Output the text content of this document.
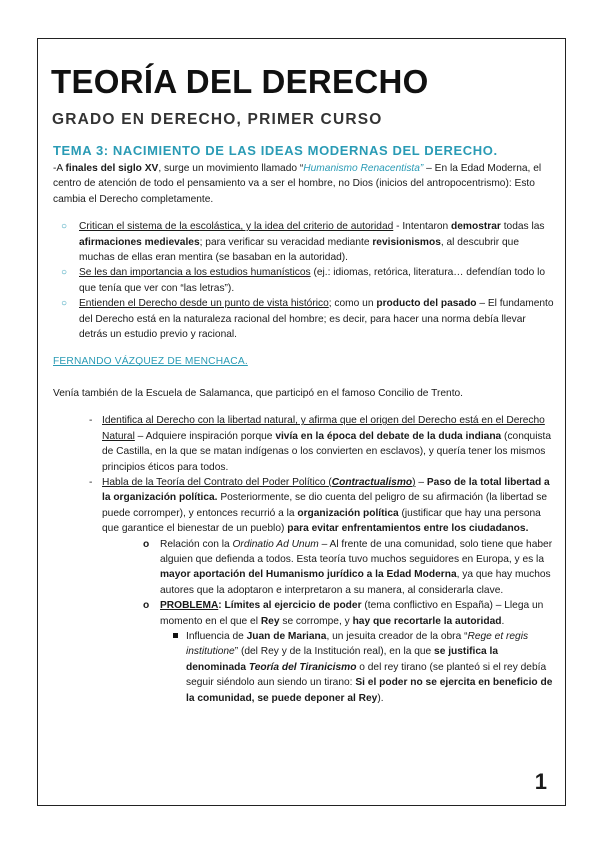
TEORÍA DEL DERECHO
GRADO EN DERECHO, PRIMER CURSO
TEMA 3: NACIMIENTO DE LAS IDEAS MODERNAS DEL DERECHO.
-A finales del siglo XV, surge un movimiento llamado “Humanismo Renacentista” – En la Edad Moderna, el centro de atención de todo el pensamiento va a ser el hombre, no Dios (inicios del antropocentrismo): Esto cambia el Derecho completamente.
○ Critican el sistema de la escolástica, y la idea del criterio de autoridad - Intentaron demostrar todas las afirmaciones medievales; para verificar su veracidad mediante revisionismos, al descubrir que muchas de ellas eran mentira (se basaban en la autoridad).
○ Se les dan importancia a los estudios humanísticos (ej.: idiomas, retórica, literatura… defendían todo lo que tenía que ver con “las letras”).
○ Entienden el Derecho desde un punto de vista histórico; como un producto del pasado – El fundamento del Derecho está en la naturaleza racional del hombre; es decir, para hacer una norma debía llevar detrás un estudio previo y racional.
FERNANDO VÁZQUEZ DE MENCHACA.
Venía también de la Escuela de Salamanca, que participó en el famoso Concilio de Trento.
- Identifica al Derecho con la libertad natural, y afirma que el origen del Derecho está en el Derecho Natural – Adquiere inspiración porque vivía en la época del debate de la duda indiana (conquista de Castilla, en la que se matan indígenas o los convierten en esclavos), y quería tener los mismos principios éticos para todos.
- Habla de la Teoría del Contrato del Poder Político (Contractualismo) – Paso de la total libertad a la organización política. Posteriormente, se dio cuenta del peligro de su afirmación (la libertad se puede corromper), y entonces recurrió a la organización política (justificar que hay una persona que garantice el bienestar de un pueblo) para evitar enfrentamientos entre los ciudadanos.
o Relación con la Ordinatio Ad Unum – Al frente de una comunidad, solo tiene que haber alguien que defienda a todos. Esta teoría tuvo muchos seguidores en Europa, y es la mayor aportación del Humanismo jurídico a la Edad Moderna, ya que hay muchos autores que la adoptaron e interpretaron a su manera, al considerarla clave.
o PROBLEMA: Límites al ejercicio de poder (tema conflictivo en España) – Llega un momento en el que el Rey se corrompe, y hay que recortarle la autoridad.
Influencia de Juan de Mariana, un jesuita creador de la obra “Rege et regis institutione” (del Rey y de la Institución real), en la que se justifica la denominada Teoría del Tiranicismo o del rey tirano (se planteó si el rey debía seguir siéndolo aun siendo un tirano: Si el poder no se ejercita en beneficio de la comunidad, se puede deponer al Rey).
1
